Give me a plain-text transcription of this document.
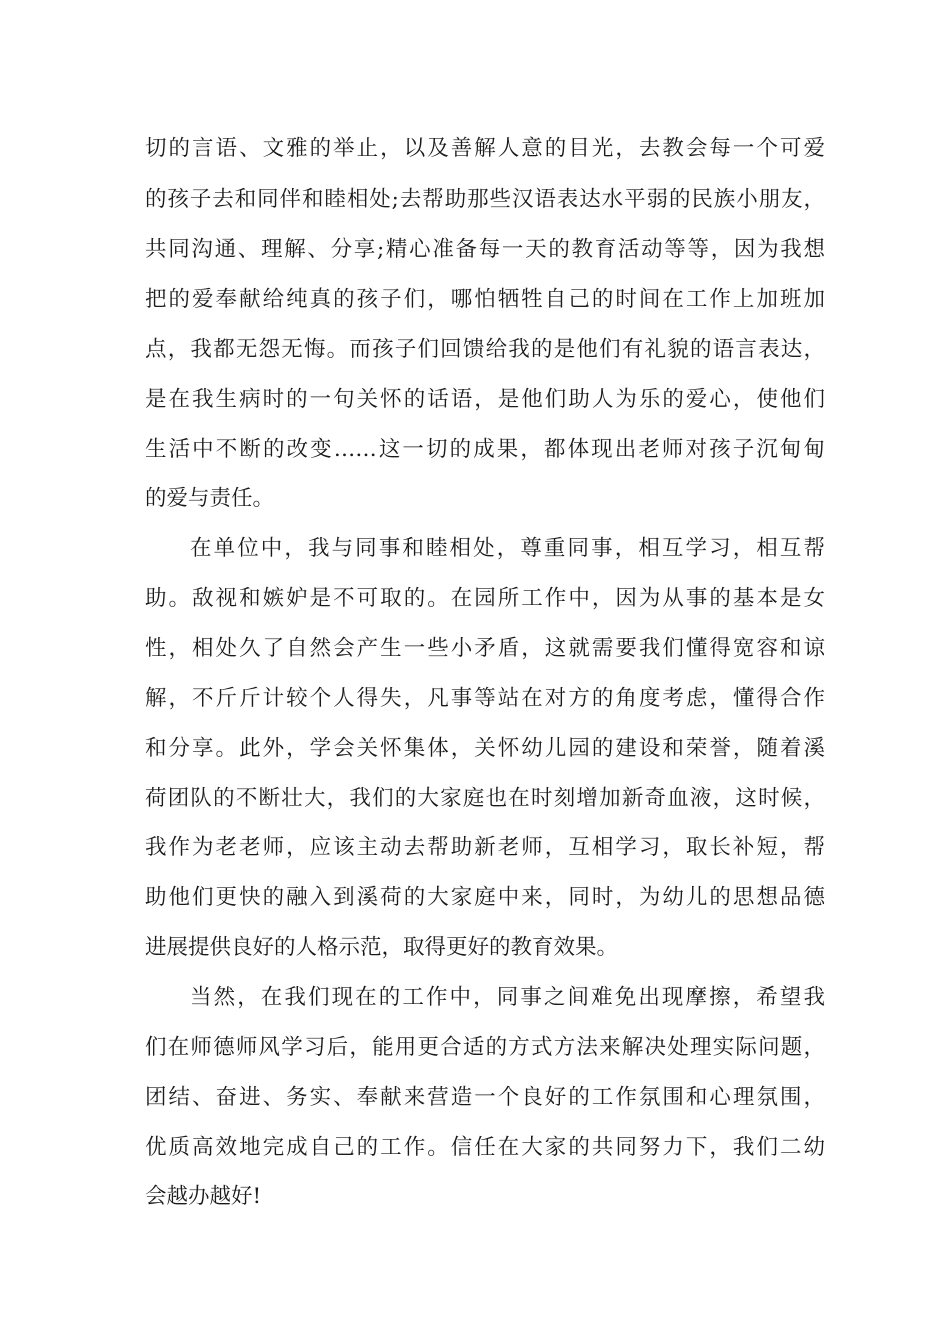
切的言语、文雅的举止，以及善解人意的目光，去教会每一个可爱
的孩子去和同伴和睦相处;去帮助那些汉语表达水平弱的民族小朋友，
共同沟通、理解、分享;精心准备每一天的教育活动等等，因为我想
把的爱奉献给纯真的孩子们，哪怕牺牲自己的时间在工作上加班加
点，我都无怨无悔。而孩子们回馈给我的是他们有礼貌的语言表达，
是在我生病时的一句关怀的话语，是他们助人为乐的爱心，使他们
生活中不断的改变……这一切的成果，都体现出老师对孩子沉甸甸
的爱与责任。
在单位中，我与同事和睦相处，尊重同事，相互学习，相互帮
助。敌视和嫉妒是不可取的。在园所工作中，因为从事的基本是女
性，相处久了自然会产生一些小矛盾，这就需要我们懂得宽容和谅
解，不斤斤计较个人得失，凡事等站在对方的角度考虑，懂得合作
和分享。此外，学会关怀集体，关怀幼儿园的建设和荣誉，随着溪
荷团队的不断壮大，我们的大家庭也在时刻增加新奇血液，这时候，
我作为老老师，应该主动去帮助新老师，互相学习，取长补短，帮
助他们更快的融入到溪荷的大家庭中来，同时，为幼儿的思想品德
进展提供良好的人格示范，取得更好的教育效果。
当然，在我们现在的工作中，同事之间难免出现摩擦，希望我
们在师德师风学习后，能用更合适的方式方法来解决处理实际问题，
团结、奋进、务实、奉献来营造一个良好的工作氛围和心理氛围，
优质高效地完成自己的工作。信任在大家的共同努力下，我们二幼
会越办越好!
